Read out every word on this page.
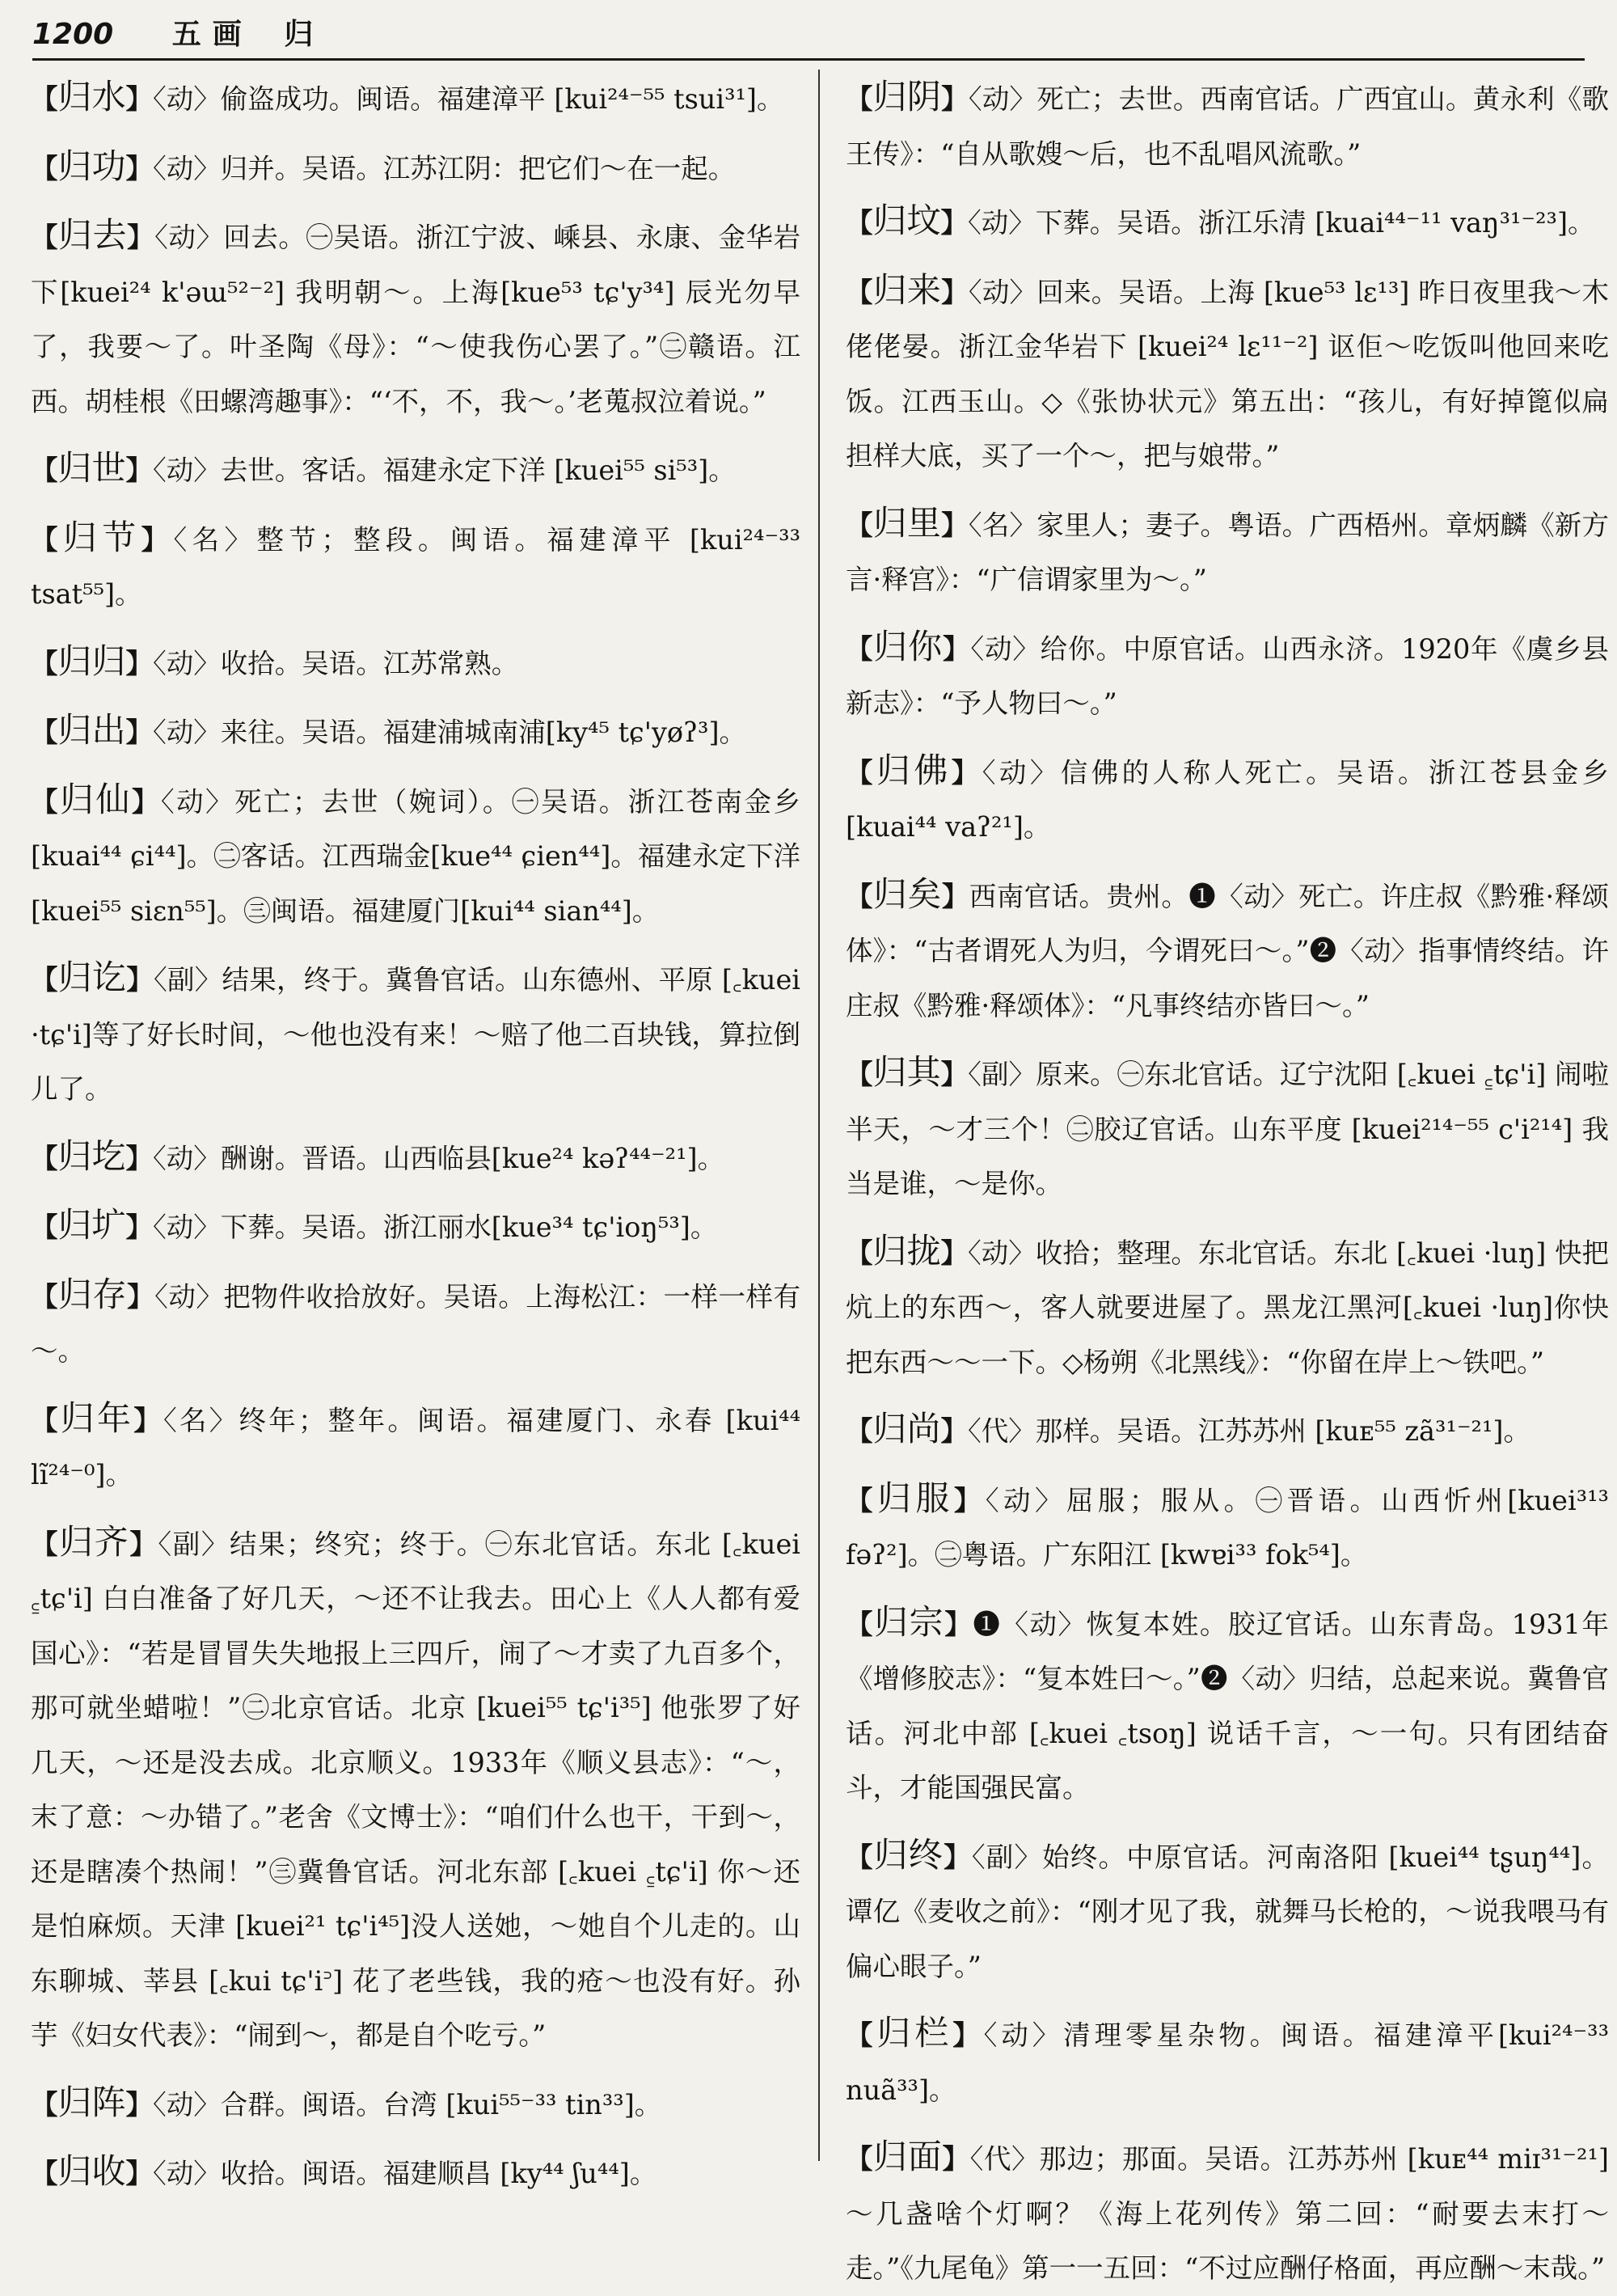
1200 五画 归
【归水】〈动〉偷盗成功。闽语。福建漳平 [kui²⁴⁻⁵⁵ tsui³¹]。
【归功】〈动〉归并。吴语。江苏江阴：把它们～在一起。
【归去】〈动〉回去。㊀吴语。浙江宁波、嵊县、永康、金华岩下[kuei²⁴ k'əɯ⁵²⁻²] 我明朝～。上海[kue⁵³ tɕ'y³⁴] 辰光勿早了，我要～了。叶圣陶《母》：“～使我伤心罢了。”㊁赣语。江西。胡桂根《田螺湾趣事》：“‘不，不，我～。’老蒐叔泣着说。”
【归世】〈动〉去世。客话。福建永定下洋 [kuei⁵⁵ si⁵³]。
【归节】〈名〉整节；整段。闽语。福建漳平 [kui²⁴⁻³³ tsat⁵⁵]。
【归归】〈动〉收拾。吴语。江苏常熟。
【归出】〈动〉来往。吴语。福建浦城南浦[ky⁴⁵ tɕ'yøʔ³]。
【归仙】〈动〉死亡；去世（婉词）。㊀吴语。浙江苍南金乡[kuai⁴⁴ ɕi⁴⁴]。㊁客话。江西瑞金[kue⁴⁴ ɕien⁴⁴]。福建永定下洋 [kuei⁵⁵ siɛn⁵⁵]。㊂闽语。福建厦门[kui⁴⁴ sian⁴⁴]。
【归讫】〈副〉结果，终于。冀鲁官话。山东德州、平原 [꜀kuei ·tɕ'i]等了好长时间，～他也没有来！～赔了他二百块钱，算拉倒儿了。
【归圪】〈动〉酬谢。晋语。山西临县[kue²⁴ kəʔ⁴⁴⁻²¹]。
【归圹】〈动〉下葬。吴语。浙江丽水[kue³⁴ tɕ'ioŋ⁵³]。
【归存】〈动〉把物件收拾放好。吴语。上海松江：一样一样有～。
【归年】〈名〉终年；整年。闽语。福建厦门、永春 [kui⁴⁴ lĩ²⁴⁻⁰]。
【归齐】〈副〉结果；终究；终于。㊀东北官话。东北 [꜀kuei ꜁tɕ'i] 白白准备了好几天，～还不让我去。田心上《人人都有爱国心》：“若是冒冒失失地报上三四斤，闹了～才卖了九百多个，那可就坐蜡啦！”㊁北京官话。北京 [kuei⁵⁵ tɕ'i³⁵] 他张罗了好几天，～还是没去成。北京顺义。1933年《顺义县志》：“～，末了意：～办错了。”老舍《文博士》：“咱们什么也干，干到～，还是瞎凑个热闹！”㊂冀鲁官话。河北东部 [꜀kuei ꜁tɕ'i] 你～还是怕麻烦。天津 [kuei²¹ tɕ'i⁴⁵]没人送她，～她自个儿走的。山东聊城、莘县 [꜀kui tɕ'i꜄] 花了老些钱，我的疮～也没有好。孙芋《妇女代表》：“闹到～，都是自个吃亏。”
【归阵】〈动〉合群。闽语。台湾 [kui⁵⁵⁻³³ tin³³]。
【归收】〈动〉收拾。闽语。福建顺昌 [ky⁴⁴ ʃu⁴⁴]。
【归阴】〈动〉死亡；去世。西南官话。广西宜山。黄永利《歌王传》：“自从歌嫂～后，也不乱唱风流歌。”
【归坟】〈动〉下葬。吴语。浙江乐清 [kuai⁴⁴⁻¹¹ vaŋ³¹⁻²³]。
【归来】〈动〉回来。吴语。上海 [kue⁵³ lɛ¹³] 昨日夜里我～木佬佬晏。浙江金华岩下 [kuei²⁴ lɛ¹¹⁻²] 讴佢～吃饭叫他回来吃饭。江西玉山。◇《张协状元》第五出：“孩儿，有好掉篦似扁担样大底，买了一个～，把与娘带。”
【归里】〈名〉家里人；妻子。粤语。广西梧州。章炳麟《新方言·释宫》：“广信谓家里为～。”
【归你】〈动〉给你。中原官话。山西永济。1920年《虞乡县新志》：“予人物曰～。”
【归佛】〈动〉信佛的人称人死亡。吴语。浙江苍县金乡 [kuai⁴⁴ vaʔ²¹]。
【归矣】西南官话。贵州。❶〈动〉死亡。许庄叔《黔雅·释颂体》：“古者谓死人为归，今谓死曰～。”❷〈动〉指事情终结。许庄叔《黔雅·释颂体》：“凡事终结亦皆曰～。”
【归其】〈副〉原来。㊀东北官话。辽宁沈阳 [꜀kuei ꜁tɕ'i] 闹啦半天，～才三个！㊁胶辽官话。山东平度 [kuei²¹⁴⁻⁵⁵ c'i²¹⁴] 我当是谁，～是你。
【归拢】〈动〉收拾；整理。东北官话。东北 [꜀kuei ·luŋ] 快把炕上的东西～，客人就要进屋了。黑龙江黑河[꜀kuei ·luŋ]你快把东西～～一下。◇杨朔《北黑线》：“你留在岸上～铁吧。”
【归尚】〈代〉那样。吴语。江苏苏州 [kuᴇ⁵⁵ zã³¹⁻²¹]。
【归服】〈动〉屈服；服从。㊀晋语。山西忻州[kuei³¹³ fəʔ²]。㊁粤语。广东阳江 [kwɐi³³ fok⁵⁴]。
【归宗】❶〈动〉恢复本姓。胶辽官话。山东青岛。1931年《增修胶志》：“复本姓曰～。”❷〈动〉归结，总起来说。冀鲁官话。河北中部 [꜀kuei ꜀tsoŋ] 说话千言，～一句。只有团结奋斗，才能国强民富。
【归终】〈副〉始终。中原官话。河南洛阳 [kuei⁴⁴ tʂuŋ⁴⁴]。谭亿《麦收之前》：“刚才见了我，就舞马长枪的，～说我喂马有偏心眼子。”
【归栏】〈动〉清理零星杂物。闽语。福建漳平[kui²⁴⁻³³ nuã³³]。
【归面】〈代〉那边；那面。吴语。江苏苏州 [kuᴇ⁴⁴ miɪ³¹⁻²¹] ～几盏啥个灯啊？《海上花列传》第二回：“耐要去末打～走。”《九尾龟》第一一五回：“不过应酬仔格面，再应酬～末哉。”
